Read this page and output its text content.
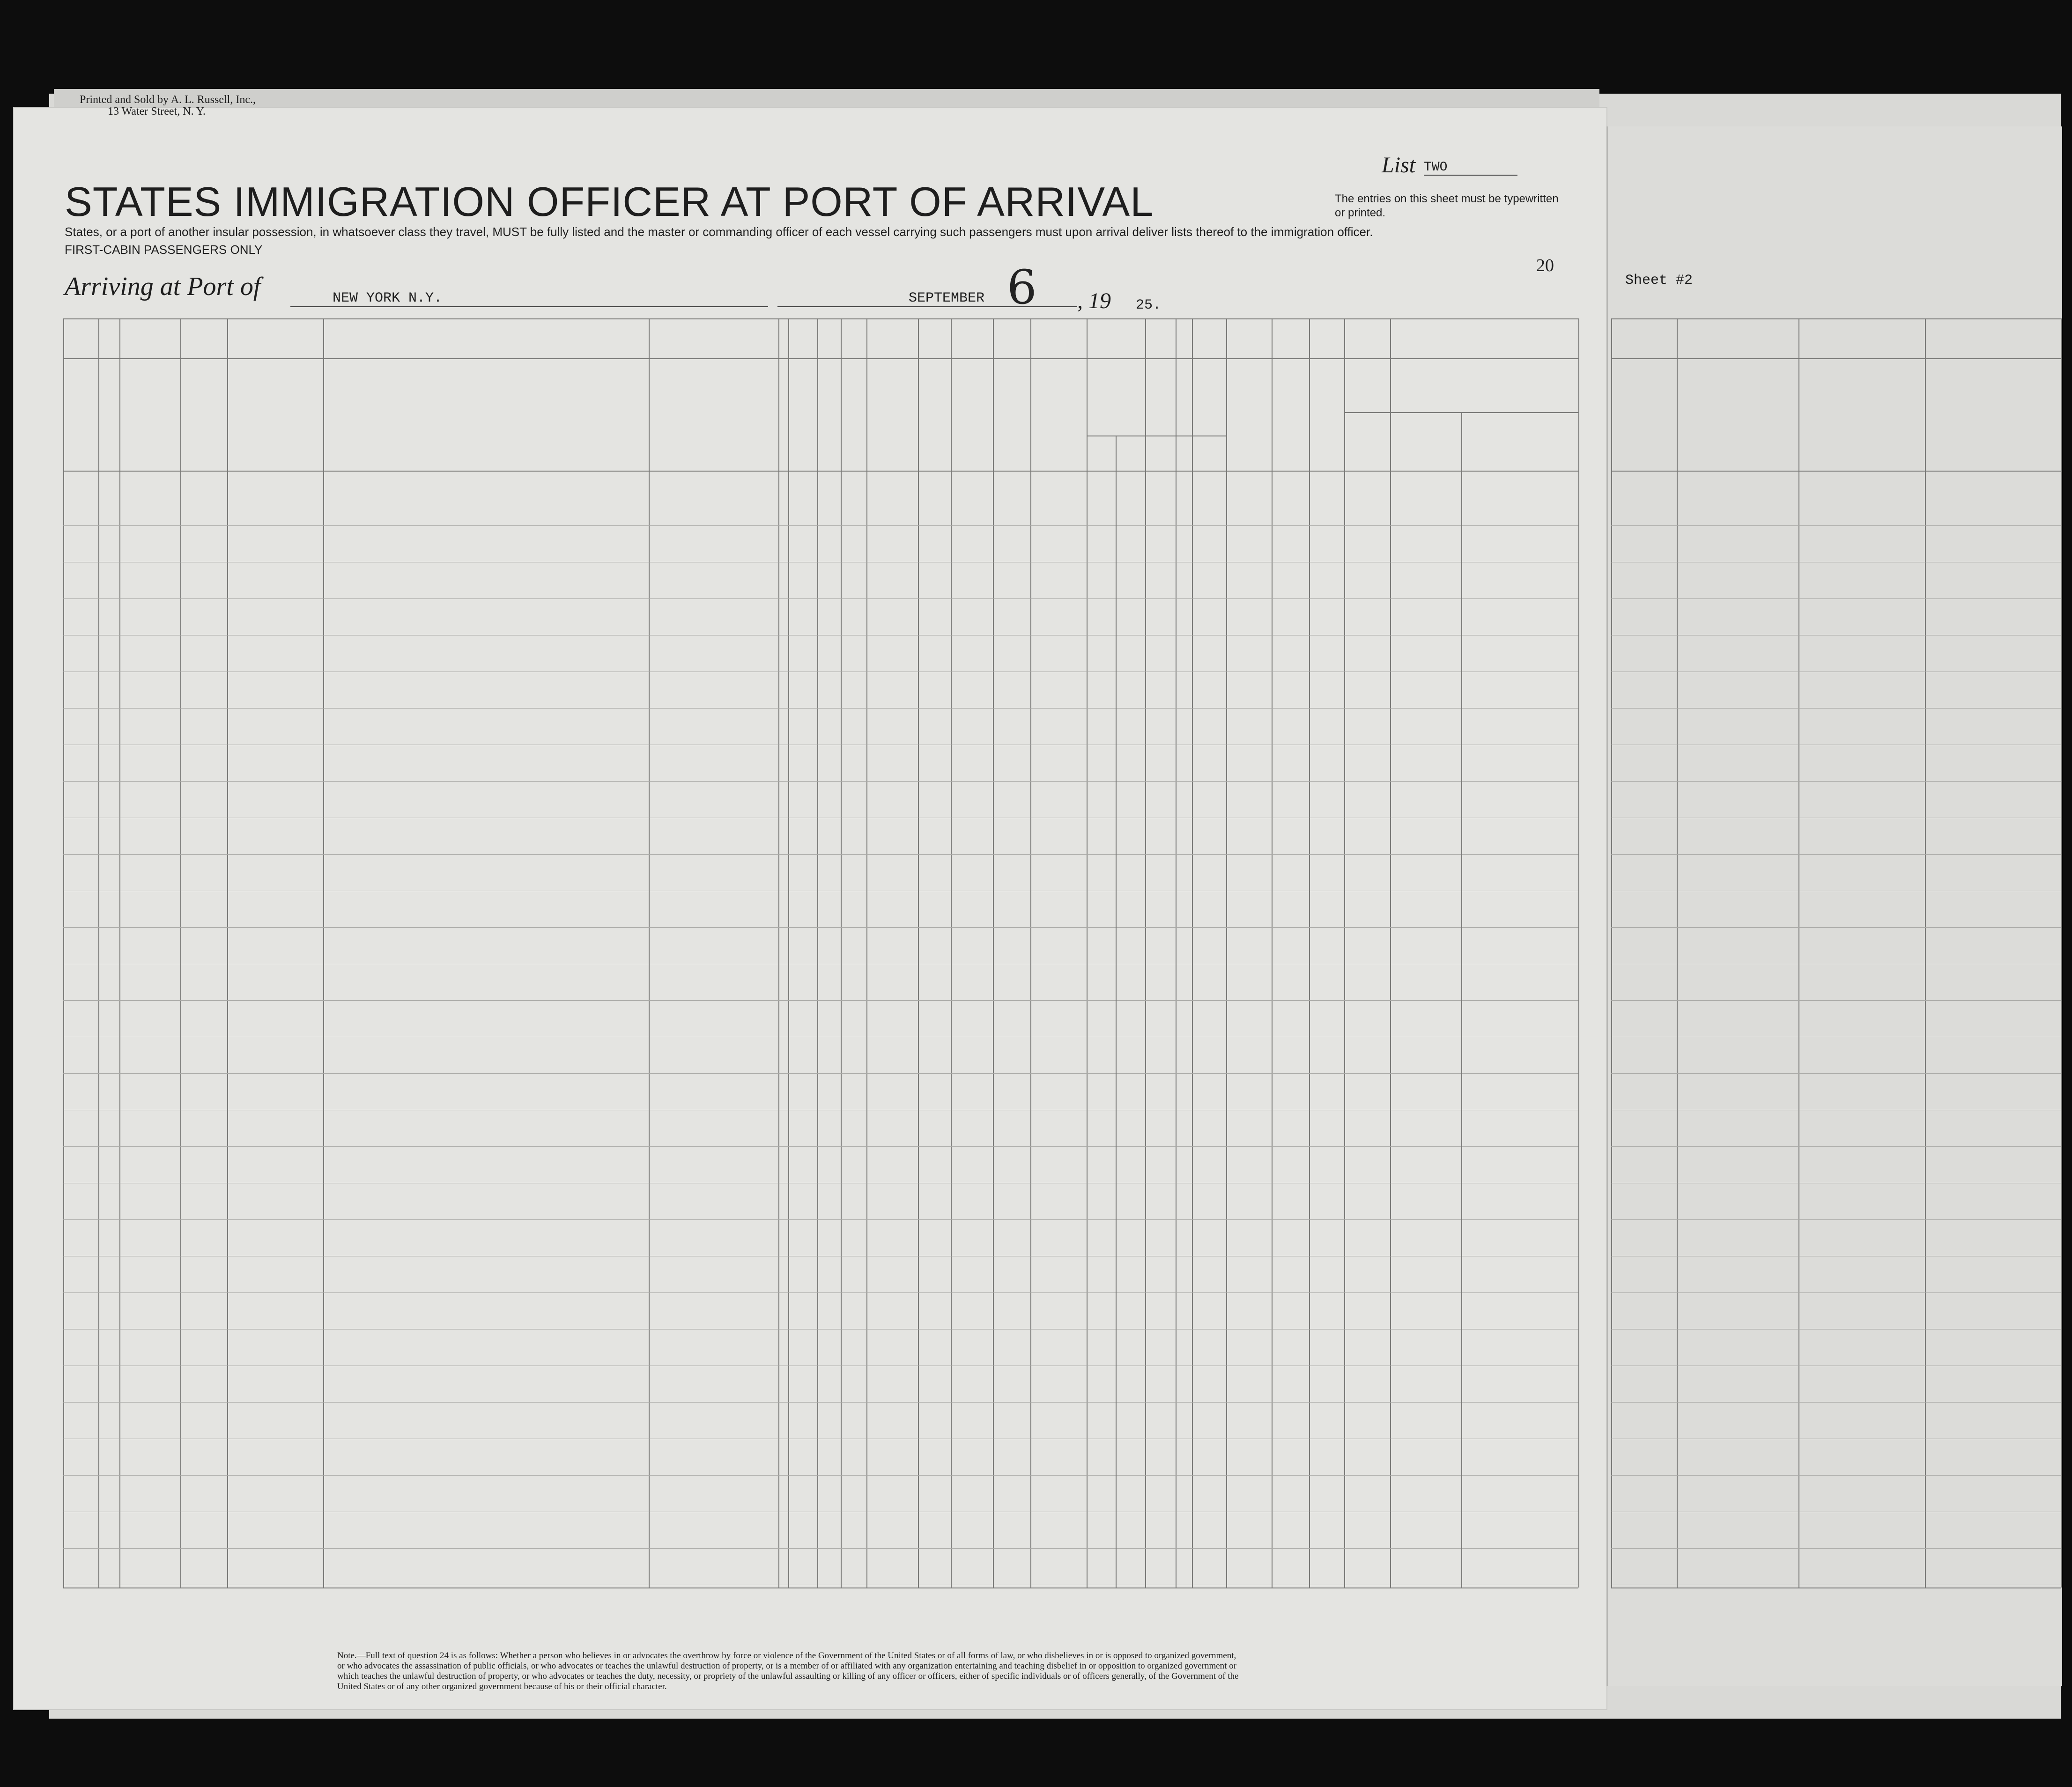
Printed and Sold by A. L. Russell, Inc.,
13 Water Street, N. Y.
STATES IMMIGRATION OFFICER AT PORT OF ARRIVAL
List TWO
The entries on this sheet must be typewritten or printed.
States, or a port of another insular possession, in whatsoever class they travel, MUST be fully listed and the master or commanding officer of each vessel carrying such passengers must upon arrival deliver lists thereof to the immigration officer.
FIRST-CABIN PASSENGERS ONLY
20
Sheet #2
Arriving at Port of	NEW YORK N.Y.	SEPTEMBER 6 , 19 25.
Note.—Full text of question 24 is as follows: Whether a person who believes in or advocates the overthrow by force or violence of the Government of the United States or of all forms of law, or who disbelieves in or is opposed to organized government, or who advocates the assassination of public officials, or who advocates or teaches the unlawful destruction of property, or is a member of or affiliated with any organization entertaining and teaching disbelief in or opposition to organized government or which teaches the unlawful destruction of property, or who advocates or teaches the duty, necessity, or propriety of the unlawful assaulting or killing of any officer or officers, either of specific individuals or of officers generally, of the Government of the United States or of any other organized government because of his or their official character.
